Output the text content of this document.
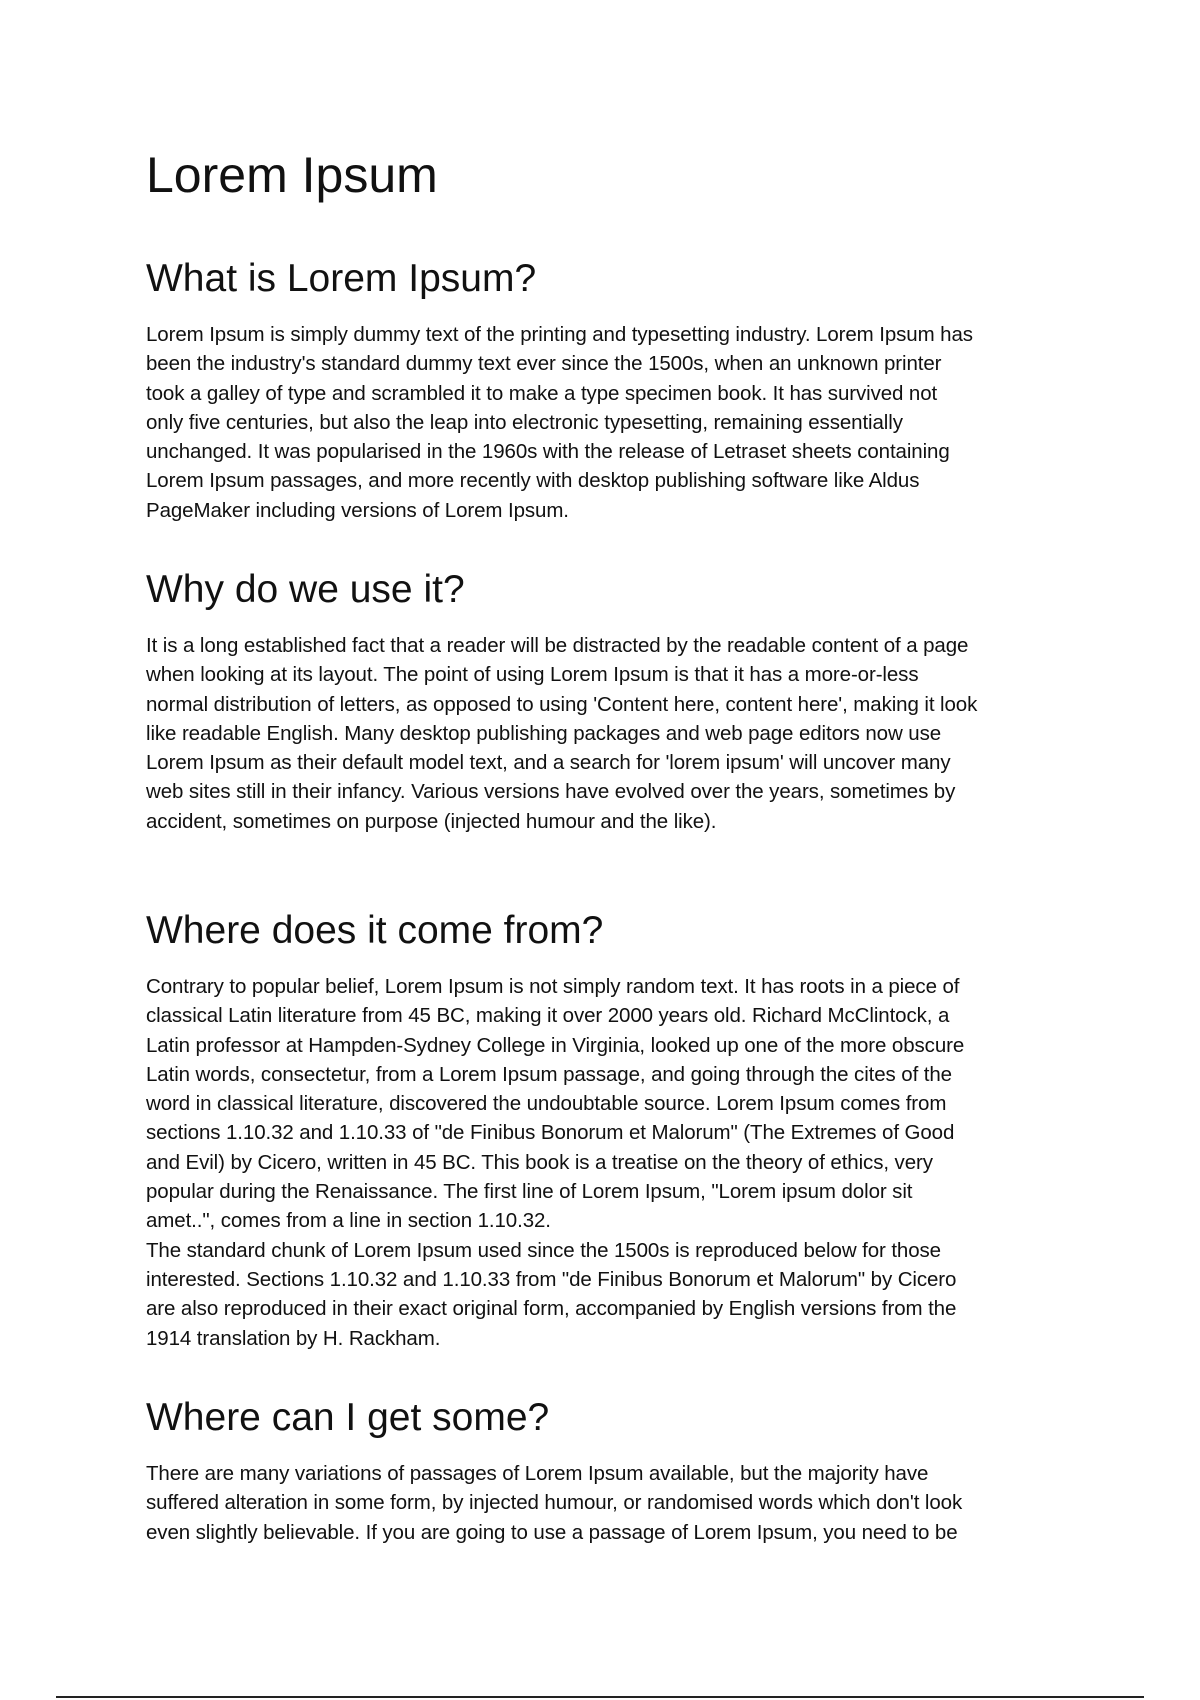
Lorem Ipsum
What is Lorem Ipsum?

Lorem Ipsum is simply dummy text of the printing and typesetting industry. Lorem Ipsum has
been the industry's standard dummy text ever since the 1500s, when an unknown printer
took a galley of type and scrambled it to make a type specimen book. It has survived not
only five centuries, but also the leap into electronic typesetting, remaining essentially
unchanged. It was popularised in the 1960s with the release of Letraset sheets containing
Lorem Ipsum passages, and more recently with desktop publishing software like Aldus
PageMaker including versions of Lorem Ipsum.

Why do we use it?

It is a long established fact that a reader will be distracted by the readable content of a page
when looking at its layout. The point of using Lorem Ipsum is that it has a more-or-less
normal distribution of letters, as opposed to using 'Content here, content here', making it look
like readable English. Many desktop publishing packages and web page editors now use
Lorem Ipsum as their default model text, and a search for 'lorem ipsum' will uncover many
web sites still in their infancy. Various versions have evolved over the years, sometimes by
accident, sometimes on purpose (injected humour and the like).

Where does it come from?

Contrary to popular belief, Lorem Ipsum is not simply random text. It has roots in a piece of
classical Latin literature from 45 BC, making it over 2000 years old. Richard McClintock, a
Latin professor at Hampden-Sydney College in Virginia, looked up one of the more obscure
Latin words, consectetur, from a Lorem Ipsum passage, and going through the cites of the
word in classical literature, discovered the undoubtable source. Lorem Ipsum comes from
sections 1.10.32 and 1.10.33 of "de Finibus Bonorum et Malorum" (The Extremes of Good
and Evil) by Cicero, written in 45 BC. This book is a treatise on the theory of ethics, very
popular during the Renaissance. The first line of Lorem Ipsum, "Lorem ipsum dolor sit
amet..", comes from a line in section 1.10.32.
The standard chunk of Lorem Ipsum used since the 1500s is reproduced below for those
interested. Sections 1.10.32 and 1.10.33 from "de Finibus Bonorum et Malorum" by Cicero
are also reproduced in their exact original form, accompanied by English versions from the
1914 translation by H. Rackham.

Where can I get some?

There are many variations of passages of Lorem Ipsum available, but the majority have
suffered alteration in some form, by injected humour, or randomised words which don't look
even slightly believable. If you are going to use a passage of Lorem Ipsum, you need to be
